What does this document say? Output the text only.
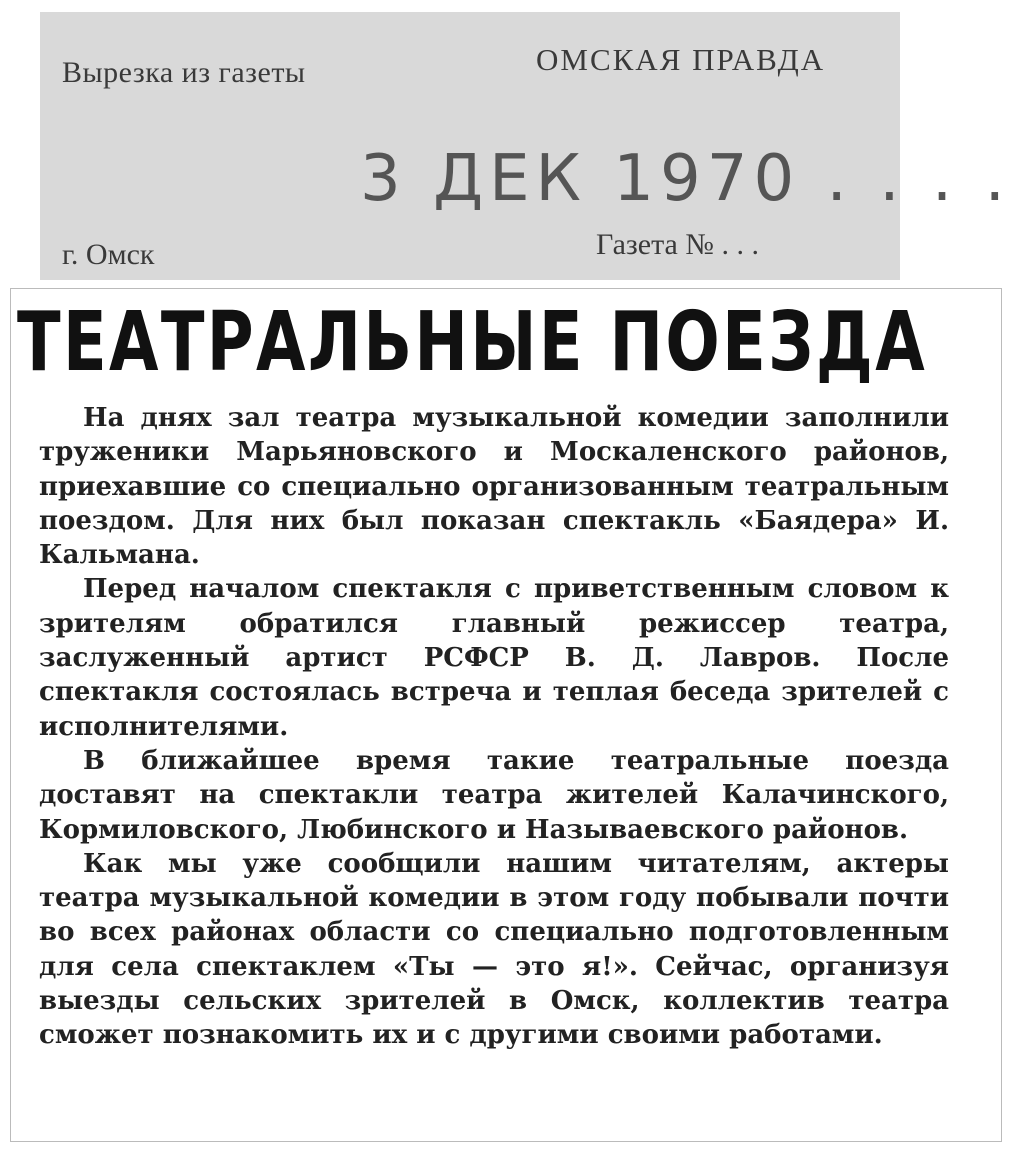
Вырезка из газеты	ОМСКАЯ ПРАВДА
3 ДЕК 1970 . . . .
г. Омск	Газета № . . .
ТЕАТРАЛЬНЫЕ ПОЕЗДА

На днях зал театра музыкальной комедии заполнили труженики Марьяновского и Москаленского районов, приехавшие со специально организованным театральным поездом. Для них был показан спектакль «Баядера» И. Кальмана.

Перед началом спектакля с приветственным словом к зрителям обратился главный режиссер театра, заслуженный артист РСФСР В. Д. Лавров. После спектакля состоялась встреча и теплая беседа зрителей с исполнителями.

В ближайшее время такие театральные поезда доставят на спектакли театра жителей Калачинского, Кормиловского, Любинского и Называевского районов.

Как мы уже сообщили нашим читателям, актеры театра музыкальной комедии в этом году побывали почти во всех районах области со специально подготовленным для села спектаклем «Ты — это я!». Сейчас, организуя выезды сельских зрителей в Омск, коллектив театра сможет познакомить их и с другими своими работами.
